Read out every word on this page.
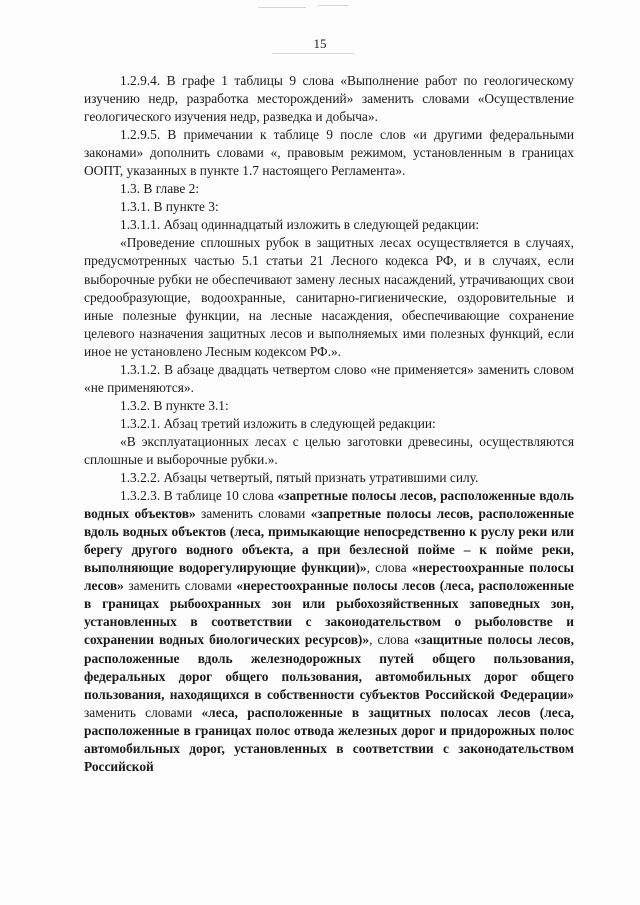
15

1.2.9.4. В графе 1 таблицы 9 слова «Выполнение работ по геологическому изучению недр, разработка месторождений» заменить словами «Осуществление геологического изучения недр, разведка и добыча».

1.2.9.5. В примечании к таблице 9 после слов «и другими федеральными законами» дополнить словами «, правовым режимом, установленным в границах ООПТ, указанных в пункте 1.7 настоящего Регламента».

1.3. В главе 2:

1.3.1. В пункте 3:

1.3.1.1. Абзац одиннадцатый изложить в следующей редакции:

«Проведение сплошных рубок в защитных лесах осуществляется в случаях, предусмотренных частью 5.1 статьи 21 Лесного кодекса РФ, и в случаях, если выборочные рубки не обеспечивают замену лесных насаждений, утрачивающих свои средообразующие, водоохранные, санитарно-гигиенические, оздоровительные и иные полезные функции, на лесные насаждения, обеспечивающие сохранение целевого назначения защитных лесов и выполняемых ими полезных функций, если иное не установлено Лесным кодексом РФ.».

1.3.1.2. В абзаце двадцать четвертом слово «не применяется» заменить словом «не применяются».

1.3.2. В пункте 3.1:

1.3.2.1. Абзац третий изложить в следующей редакции:

«В эксплуатационных лесах с целью заготовки древесины, осуществляются сплошные и выборочные рубки.».

1.3.2.2. Абзацы четвертый, пятый признать утратившими силу.

1.3.2.3. В таблице 10 слова «запретные полосы лесов, расположенные вдоль водных объектов» заменить словами «запретные полосы лесов, расположенные вдоль водных объектов (леса, примыкающие непосредственно к руслу реки или берегу другого водного объекта, а при безлесной пойме – к пойме реки, выполняющие водорегулирующие функции)», слова «нерестоохранные полосы лесов» заменить словами «нерестоохранные полосы лесов (леса, расположенные в границах рыбоохранных зон или рыбохозяйственных заповедных зон, установленных в соответствии с законодательством о рыболовстве и сохранении водных биологических ресурсов)», слова «защитные полосы лесов, расположенные вдоль железнодорожных путей общего пользования, федеральных дорог общего пользования, автомобильных дорог общего пользования, находящихся в собственности субъектов Российской Федерации» заменить словами «леса, расположенные в защитных полосах лесов (леса, расположенные в границах полос отвода железных дорог и придорожных полос автомобильных дорог, установленных в соответствии с законодательством Российской
